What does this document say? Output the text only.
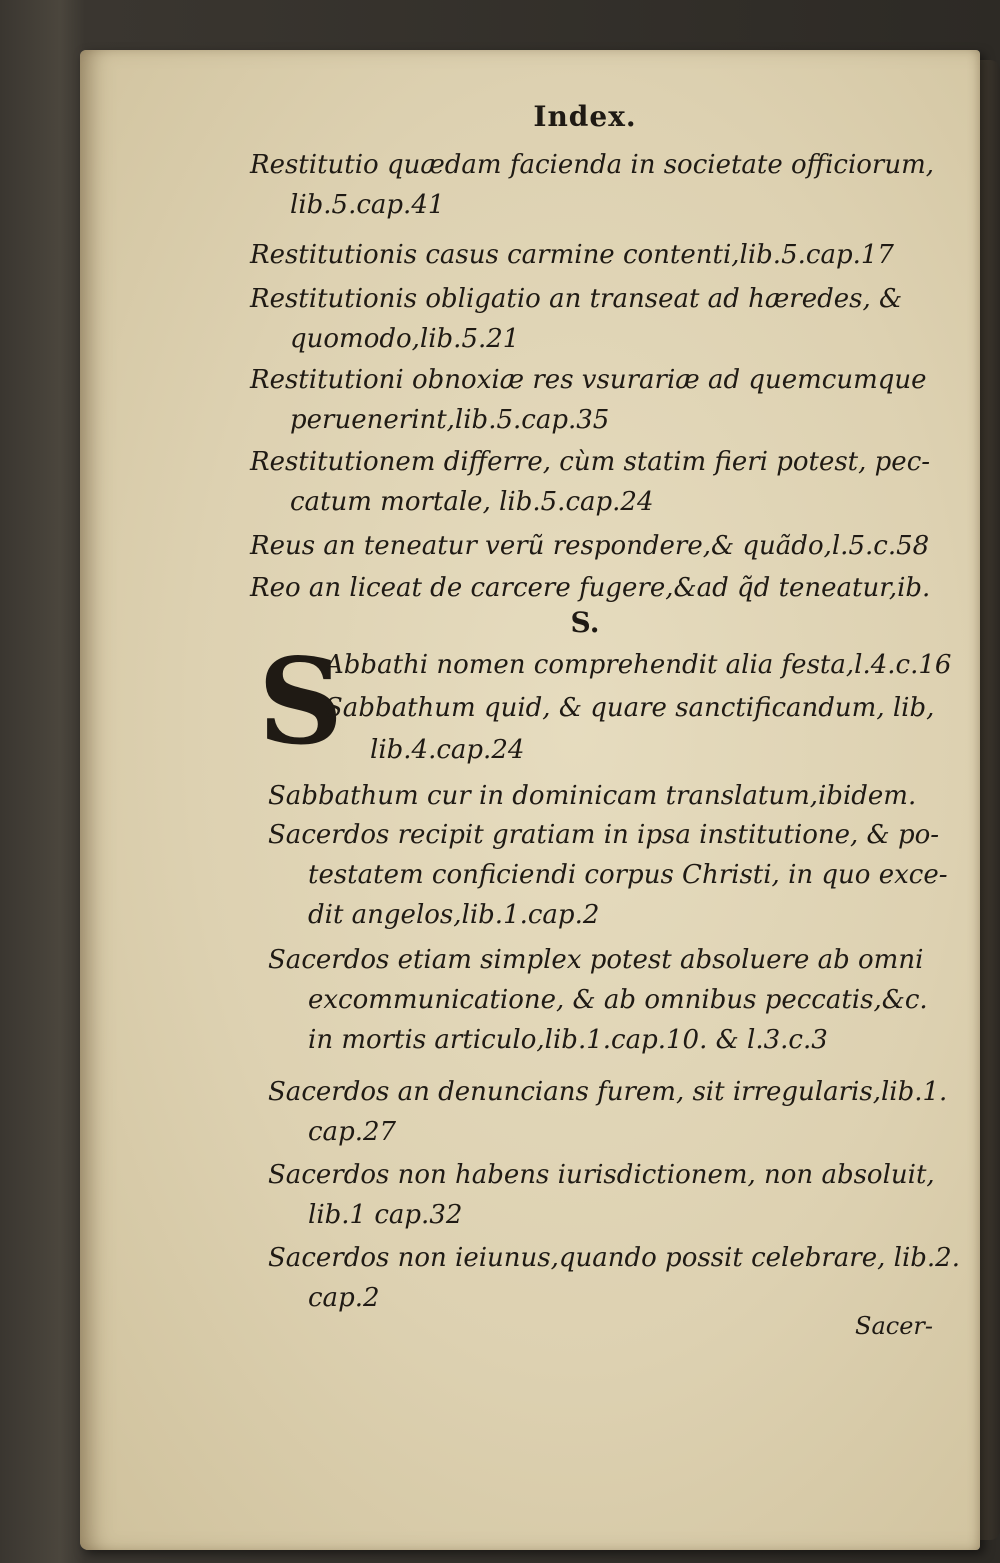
Index.
Restitutio quædam facienda in societate officiorum,
lib.5.cap.41
Restitutionis casus carmine contenti,lib.5.cap.17
Restitutionis obligatio an transeat ad hæredes, &
quomodo,lib.5.21
Restitutioni obnoxiæ res vsurariæ ad quemcumque
peruenerint,lib.5.cap.35
Restitutionem differre, cùm statim fieri potest, pec-
catum mortale, lib.5.cap.24
Reus an teneatur verũ respondere,& quãdo,l.5.c.58
Reo an liceat de carcere fugere,&ad q̃d teneatur,ib.
S.
S
Abbathi nomen comprehendit alia festa,l.4.c.16
Sabbathum quid, & quare sanctificandum, lib,
lib.4.cap.24
Sabbathum cur in dominicam translatum,ibidem.
Sacerdos recipit gratiam in ipsa institutione, & po-
testatem conficiendi corpus Christi, in quo exce-
dit angelos,lib.1.cap.2
Sacerdos etiam simplex potest absoluere ab omni
excommunicatione, & ab omnibus peccatis,&c.
in mortis articulo,lib.1.cap.10. & l.3.c.3
Sacerdos an denuncians furem, sit irregularis,lib.1.
cap.27
Sacerdos non habens iurisdictionem, non absoluit,
lib.1 cap.32
Sacerdos non ieiunus,quando possit celebrare, lib.2.
cap.2
Sacer-
